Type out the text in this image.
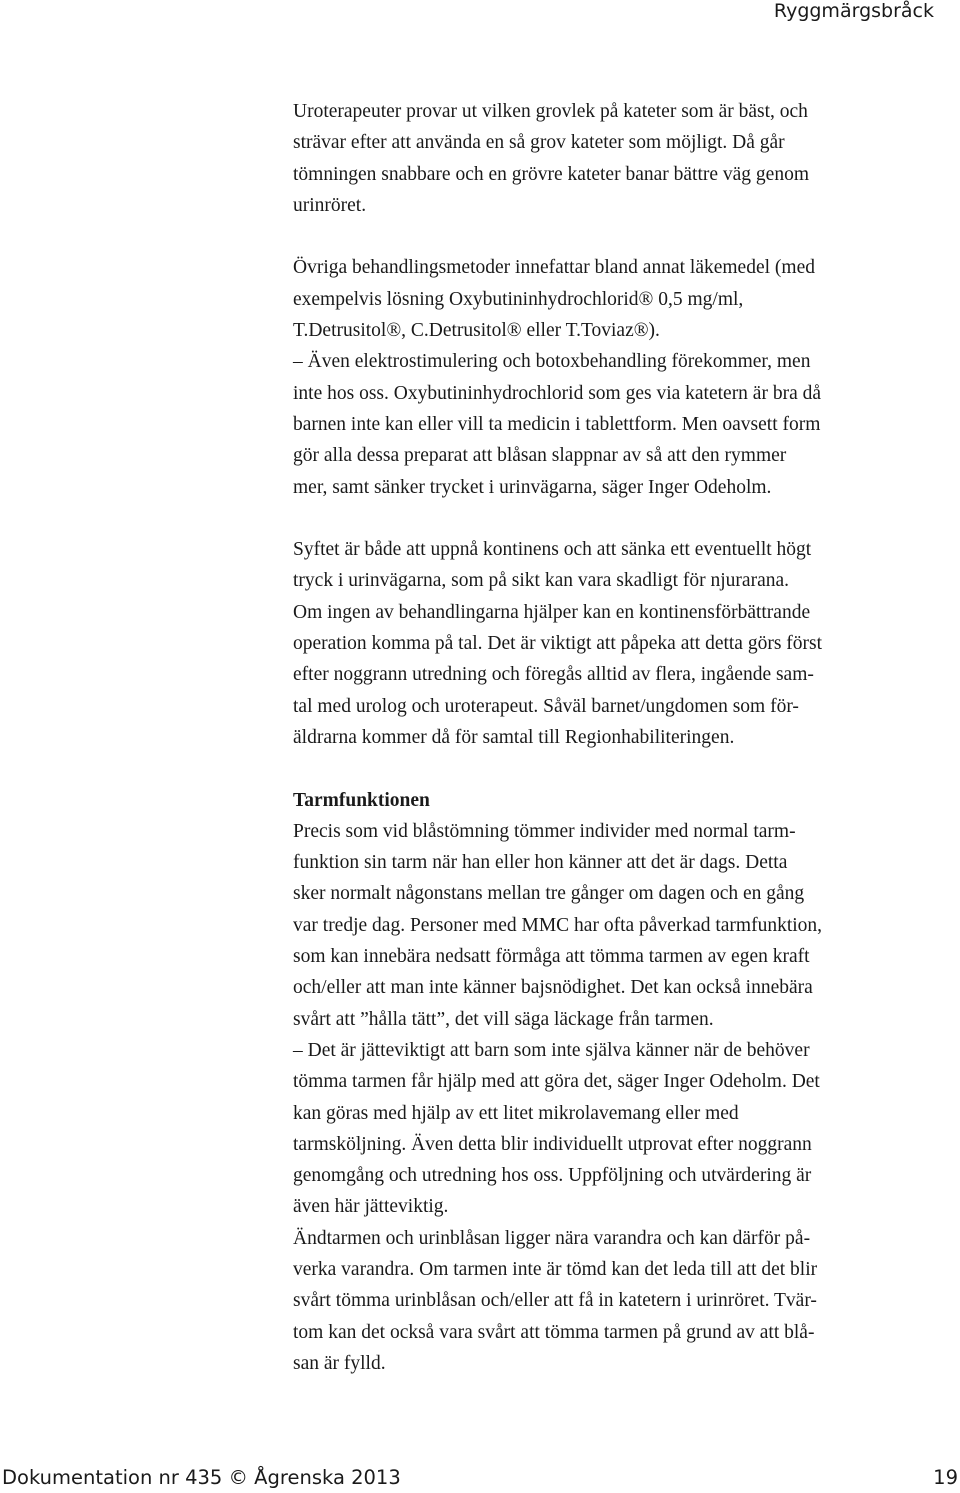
Ryggmärgsbråck
Uroterapeuter provar ut vilken grovlek på kateter som är bäst, och
strävar efter att använda en så grov kateter som möjligt. Då går
tömningen snabbare och en grövre kateter banar bättre väg genom
urinröret.
Övriga behandlingsmetoder innefattar bland annat läkemedel (med
exempelvis lösning Oxybutininhydrochlorid® 0,5 mg/ml,
T.Detrusitol®, C.Detrusitol® eller T.Toviaz®).
– Även elektrostimulering och botoxbehandling förekommer, men
inte hos oss. Oxybutininhydrochlorid som ges via katetern är bra då
barnen inte kan eller vill ta medicin i tablettform. Men oavsett form
gör alla dessa preparat att blåsan slappnar av så att den rymmer
mer, samt sänker trycket i urinvägarna, säger Inger Odeholm.
Syftet är både att uppnå kontinens och att sänka ett eventuellt högt
tryck i urinvägarna, som på sikt kan vara skadligt för njurarana.
Om ingen av behandlingarna hjälper kan en kontinensförbättrande
operation komma på tal. Det är viktigt att påpeka att detta görs först
efter noggrann utredning och föregås alltid av flera, ingående sam-
tal med urolog och uroterapeut. Såväl barnet/ungdomen som för-
äldrarna kommer då för samtal till Regionhabiliteringen.
Tarmfunktionen
Precis som vid blåstömning tömmer individer med normal tarm-
funktion sin tarm när han eller hon känner att det är dags. Detta
sker normalt någonstans mellan tre gånger om dagen och en gång
var tredje dag. Personer med MMC har ofta påverkad tarmfunktion,
som kan innebära nedsatt förmåga att tömma tarmen av egen kraft
och/eller att man inte känner bajsnödighet. Det kan också innebära
svårt att ”hålla tätt”, det vill säga läckage från tarmen.
– Det är jätteviktigt att barn som inte själva känner när de behöver
tömma tarmen får hjälp med att göra det, säger Inger Odeholm. Det
kan göras med hjälp av ett litet mikrolavemang eller med
tarmsköljning. Även detta blir individuellt utprovat efter noggrann
genomgång och utredning hos oss. Uppföljning och utvärdering är
även här jätteviktig.
Ändtarmen och urinblåsan ligger nära varandra och kan därför på-
verka varandra. Om tarmen inte är tömd kan det leda till att det blir
svårt tömma urinblåsan och/eller att få in katetern i urinröret. Tvär-
tom kan det också vara svårt att tömma tarmen på grund av att blå-
san är fylld.
Dokumentation nr 435 © Ågrenska 2013	19
